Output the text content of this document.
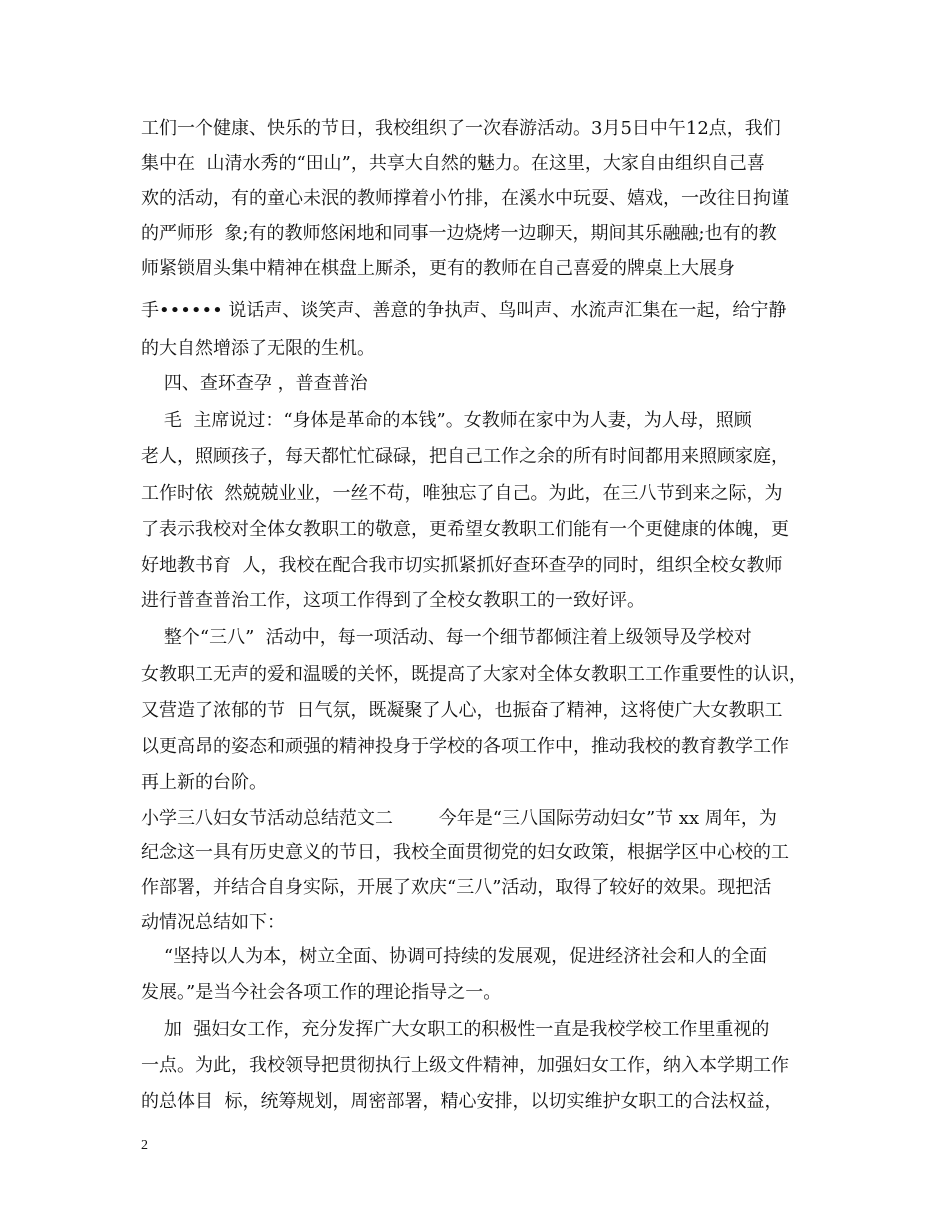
工们一个健康、快乐的节日，我校组织了一次春游活动。3月5日中午12点，我们
集中在  山清水秀的“田山”，共享大自然的魅力。在这里，大家自由组织自己喜
欢的活动，有的童心未泯的教师撑着小竹排，在溪水中玩耍、嬉戏，一改往日拘谨
的严师形  象;有的教师悠闲地和同事一边烧烤一边聊天，期间其乐融融;也有的教
师紧锁眉头集中精神在棋盘上厮杀，更有的教师在自己喜爱的牌桌上大展身
手•••••• 说话声、谈笑声、善意的争执声、鸟叫声、水流声汇集在一起，给宁静
的大自然增添了无限的生机。
四、查环查孕 ，普查普治
毛  主席说过：“身体是革命的本钱”。女教师在家中为人妻，为人母，照顾
老人，照顾孩子，每天都忙忙碌碌，把自己工作之余的所有时间都用来照顾家庭，
工作时依  然兢兢业业，一丝不苟，唯独忘了自己。为此，在三八节到来之际，为
了表示我校对全体女教职工的敬意，更希望女教职工们能有一个更健康的体魄，更
好地教书育  人，我校在配合我市切实抓紧抓好查环查孕的同时，组织全校女教师
进行普查普治工作，这项工作得到了全校女教职工的一致好评。
整个“三八”  活动中，每一项活动、每一个细节都倾注着上级领导及学校对
女教职工无声的爱和温暖的关怀，既提高了大家对全体女教职工工作重要性的认识，
又营造了浓郁的节  日气氛，既凝聚了人心，也振奋了精神，这将使广大女教职工
以更高昂的姿态和顽强的精神投身于学校的各项工作中，推动我校的教育教学工作
再上新的台阶。
小学三八妇女节活动总结范文二        今年是“三八国际劳动妇女”节 xx 周年，为
纪念这一具有历史意义的节日，我校全面贯彻党的妇女政策，根据学区中心校的工
作部署，并结合自身实际，开展了欢庆“三八”活动，取得了较好的效果。现把活
动情况总结如下：
“坚持以人为本，树立全面、协调可持续的发展观，促进经济社会和人的全面
发展。”是当今社会各项工作的理论指导之一。
加  强妇女工作，充分发挥广大女职工的积极性一直是我校学校工作里重视的
一点。为此，我校领导把贯彻执行上级文件精神，加强妇女工作，纳入本学期工作
的总体目  标，统筹规划，周密部署，精心安排，以切实维护女职工的合法权益，
2
